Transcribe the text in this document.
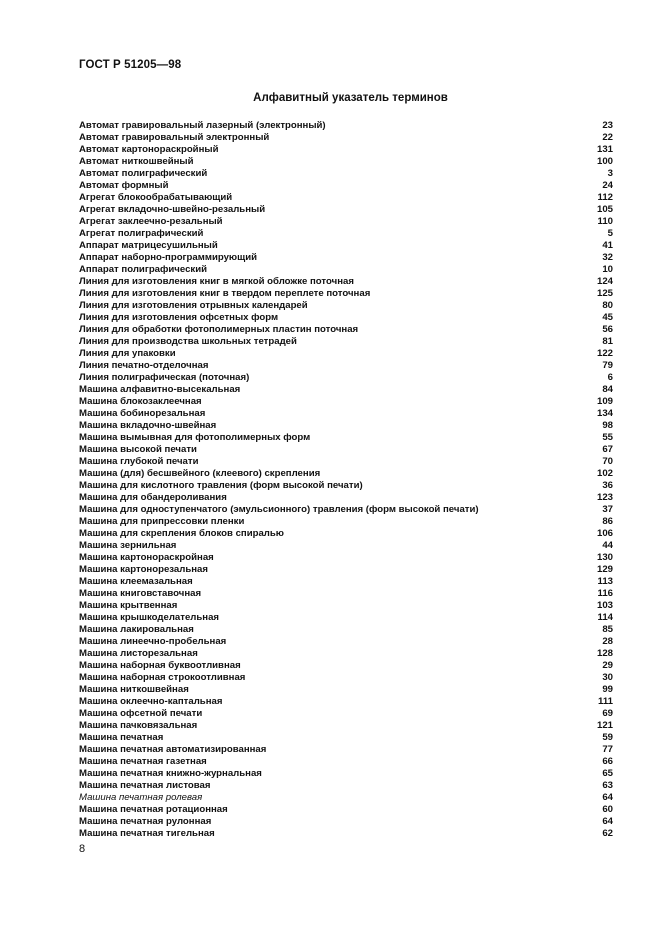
ГОСТ Р 51205—98
Алфавитный указатель терминов
Автомат гравировальный лазерный (электронный)	23
Автомат гравировальный электронный	22
Автомат картонораскройный	131
Автомат ниткошвейный	100
Автомат полиграфический	3
Автомат формный	24
Агрегат блокообрабатывающий	112
Агрегат вкладочно-швейно-резальный	105
Агрегат заклеечно-резальный	110
Агрегат полиграфический	5
Аппарат матрицесушильный	41
Аппарат наборно-программирующий	32
Аппарат полиграфический	10
Линия для изготовления книг в мягкой обложке поточная	124
Линия для изготовления книг в твердом переплете поточная	125
Линия для изготовления отрывных календарей	80
Линия для изготовления офсетных форм	45
Линия для обработки фотополимерных пластин поточная	56
Линия для производства школьных тетрадей	81
Линия для упаковки	122
Линия печатно-отделочная	79
Линия полиграфическая (поточная)	6
Машина алфавитно-высекальная	84
Машина блокозаклеечная	109
Машина бобинорезальная	134
Машина вкладочно-швейная	98
Машина вымывная для фотополимерных форм	55
Машина высокой печати	67
Машина глубокой печати	70
Машина (для) бесшвейного (клеевого) скрепления	102
Машина для кислотного травления (форм высокой печати)	36
Машина для обандероливания	123
Машина для одноступенчатого (эмульсионного) травления (форм высокой печати)	37
Машина для припрессовки пленки	86
Машина для скрепления блоков спиралью	106
Машина зернильная	44
Машина картонораскройная	130
Машина картонорезальная	129
Машина клеемазальная	113
Машина книговставочная	116
Машина крытвенная	103
Машина крышкоделательная	114
Машина лакировальная	85
Машина линеечно-пробельная	28
Машина листорезальная	128
Машина наборная буквоотливная	29
Машина наборная строкоотливная	30
Машина ниткошвейная	99
Машина оклеечно-каптальная	111
Машина офсетной печати	69
Машина пачковязальная	121
Машина печатная	59
Машина печатная автоматизированная	77
Машина печатная газетная	66
Машина печатная книжно-журнальная	65
Машина печатная листовая	63
Машина печатная ролевая	64
Машина печатная ротационная	60
Машина печатная рулонная	64
Машина печатная тигельная	62
8
